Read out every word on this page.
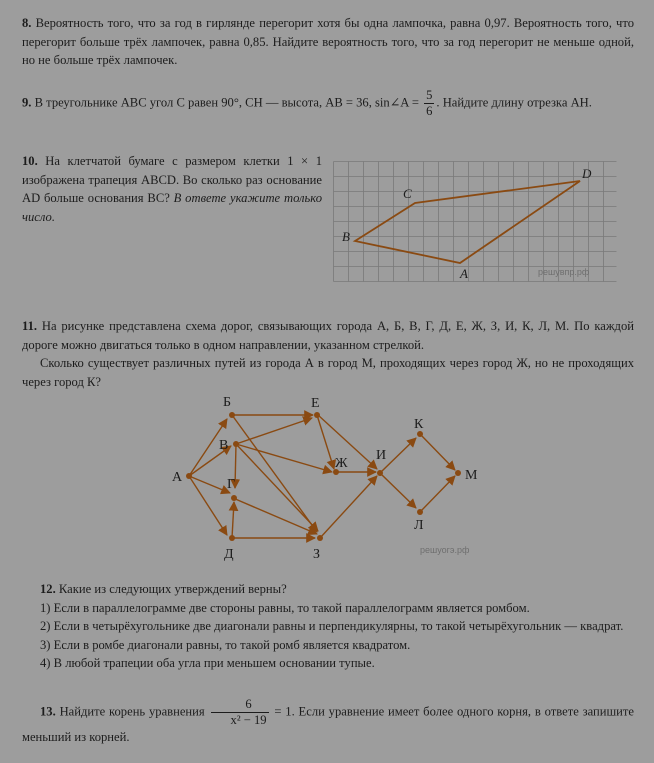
8. Вероятность того, что за год в гирлянде перегорит хотя бы одна лампочка, равна 0,97. Вероятность того, что перегорит больше трёх лампочек, равна 0,85. Найдите вероятность того, что за год перегорит не меньше одной, но не больше трёх лампочек.

9. В треугольнике ABC угол C равен 90°, CH — высота, AB = 36, sin∠A = $\frac{5}{6}$ . Найдите длину отрезка AH.

10. На клетчатой бумаге с размером клетки 1 × 1 изображена трапеция ABCD. Во сколько раз основание AD больше основания BC? В ответе укажите только число.

B
C
D
A	решувпр.рф

11. На рисунке представлена схема дорог, связывающих города А, Б, В, Г, Д, Е, Ж, З, И, К, Л, М. По каждой дороге можно двигаться только в одном направлении, указанном стрелкой.

Сколько существует различных путей из города А в город М, проходящих через город Ж, но не проходящих через город К?

А
Б
В
Г
Д
Е
Ж
З
И
К
Л
М
решуогэ.рф

12. Какие из следующих утверждений верны?

1) Если в параллелограмме две стороны равны, то такой параллелограмм является ромбом.

2) Если в четырёхугольнике две диагонали равны и перпендикулярны, то такой четырёхугольник — квадрат.

3) Если в ромбе диагонали равны, то такой ромб является квадратом.

4) В любой трапеции оба угла при меньшем основании тупые.

13. Найдите корень уравнения $\frac{6}{\text{x² − 19}} = 1$. Если уравнение имеет более одного корня, в ответе запишите меньший из корней.
